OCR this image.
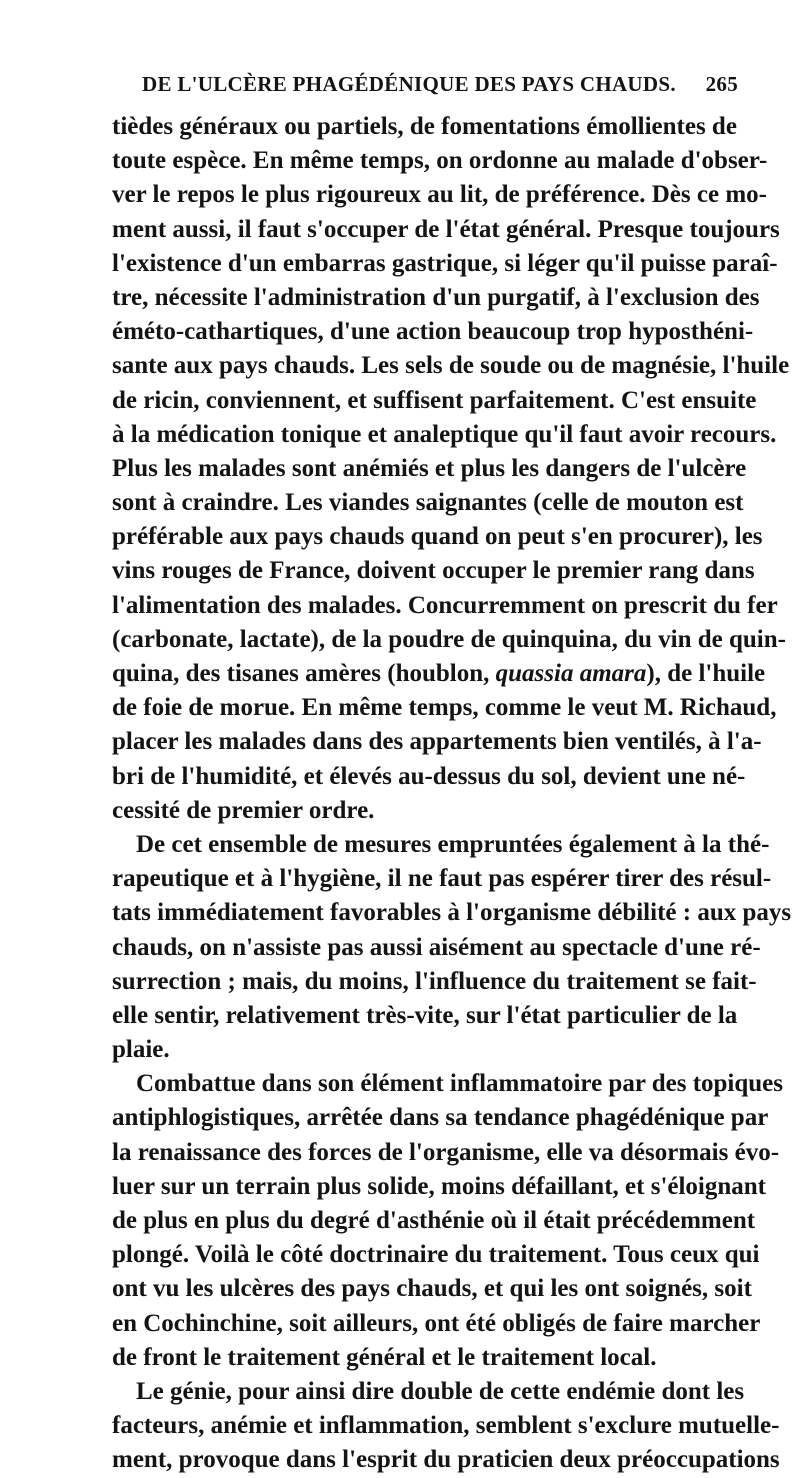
DE L'ULCÈRE PHAGÉDÉNIQUE DES PAYS CHAUDS. 265
tièdes généraux ou partiels, de fomentations émollientes de
toute espèce. En même temps, on ordonne au malade d'obser-
ver le repos le plus rigoureux au lit, de préférence. Dès ce mo-
ment aussi, il faut s'occuper de l'état général. Presque toujours
l'existence d'un embarras gastrique, si léger qu'il puisse paraî-
tre, nécessite l'administration d'un purgatif, à l'exclusion des
éméto-cathartiques, d'une action beaucoup trop hyposthéni-
sante aux pays chauds. Les sels de soude ou de magnésie, l'huile
de ricin, conviennent, et suffisent parfaitement. C'est ensuite
à la médication tonique et analeptique qu'il faut avoir recours.
Plus les malades sont anémiés et plus les dangers de l'ulcère
sont à craindre. Les viandes saignantes (celle de mouton est
préférable aux pays chauds quand on peut s'en procurer), les
vins rouges de France, doivent occuper le premier rang dans
l'alimentation des malades. Concurremment on prescrit du fer
(carbonate, lactate), de la poudre de quinquina, du vin de quin-
quina, des tisanes amères (houblon, quassia amara), de l'huile
de foie de morue. En même temps, comme le veut M. Richaud,
placer les malades dans des appartements bien ventilés, à l'a-
bri de l'humidité, et élevés au-dessus du sol, devient une né-
cessité de premier ordre.
De cet ensemble de mesures empruntées également à la thé-
rapeutique et à l'hygiène, il ne faut pas espérer tirer des résul-
tats immédiatement favorables à l'organisme débilité : aux pays
chauds, on n'assiste pas aussi aisément au spectacle d'une ré-
surrection ; mais, du moins, l'influence du traitement se fait-
elle sentir, relativement très-vite, sur l'état particulier de la
plaie.
Combattue dans son élément inflammatoire par des topiques
antiphlogistiques, arrêtée dans sa tendance phagédénique par
la renaissance des forces de l'organisme, elle va désormais évo-
luer sur un terrain plus solide, moins défaillant, et s'éloignant
de plus en plus du degré d'asthénie où il était précédemment
plongé. Voilà le côté doctrinaire du traitement. Tous ceux qui
ont vu les ulcères des pays chauds, et qui les ont soignés, soit
en Cochinchine, soit ailleurs, ont été obligés de faire marcher
de front le traitement général et le traitement local.
Le génie, pour ainsi dire double de cette endémie dont les
facteurs, anémie et inflammation, semblent s'exclure mutuelle-
ment, provoque dans l'esprit du praticien deux préoccupations
